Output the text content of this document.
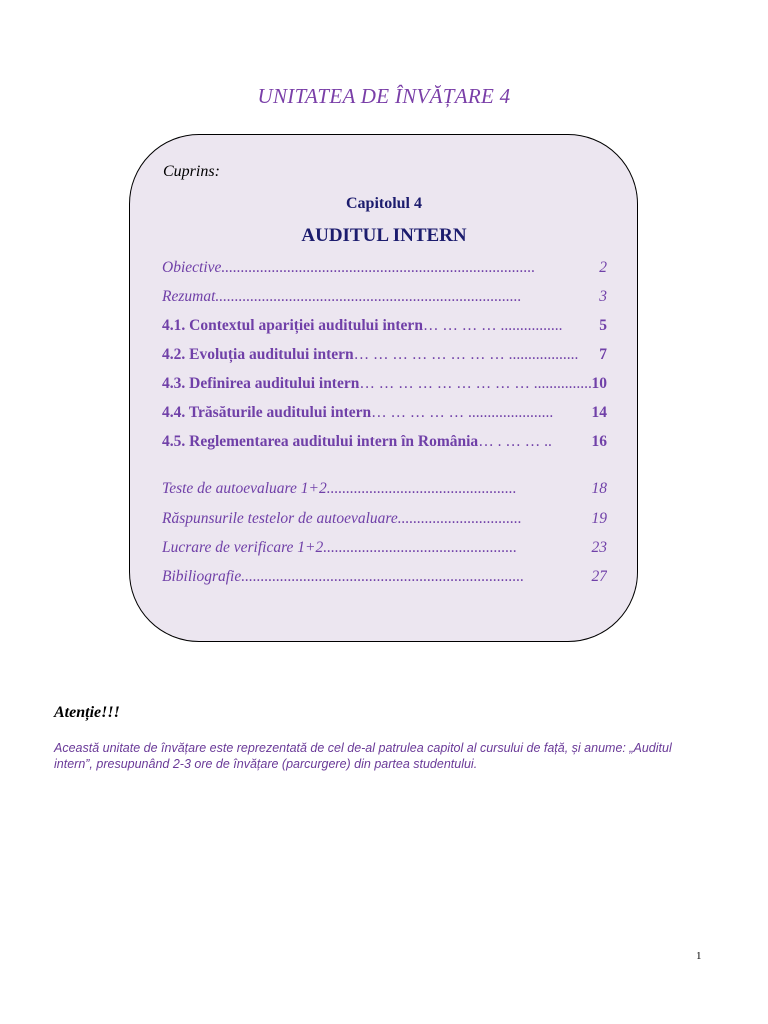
UNITATEA DE ÎNVĂȚARE 4
Cuprins:
Capitolul 4
AUDITUL INTERN
Obiective .................................................................................	2
Rezumat ...............................................................................	3
4.1. Contextul apariției auditului intern … … … … ................	5
4.2. Evoluția auditului intern … … … … … … … … ..................	7
4.3. Definirea auditului intern … … … … … … … … … ............... 10
4.4. Trăsăturile auditului intern … … … … … ......................	14
4.5. Reglementarea auditului intern în România … . … … ..	16
Teste de autoevaluare 1+2 .................................................	18
Răspunsurile testelor de autoevaluare ................................	19
Lucrare de verificare 1+2 ..................................................	23
Bibiliografie .........................................................................	27
Atenție!!!
Această unitate de învățare este reprezentată de cel de-al patrulea capitol al cursului de față, și anume: „Auditul intern”, presupunând 2-3 ore de învățare (parcurgere) din partea studentului.
1
